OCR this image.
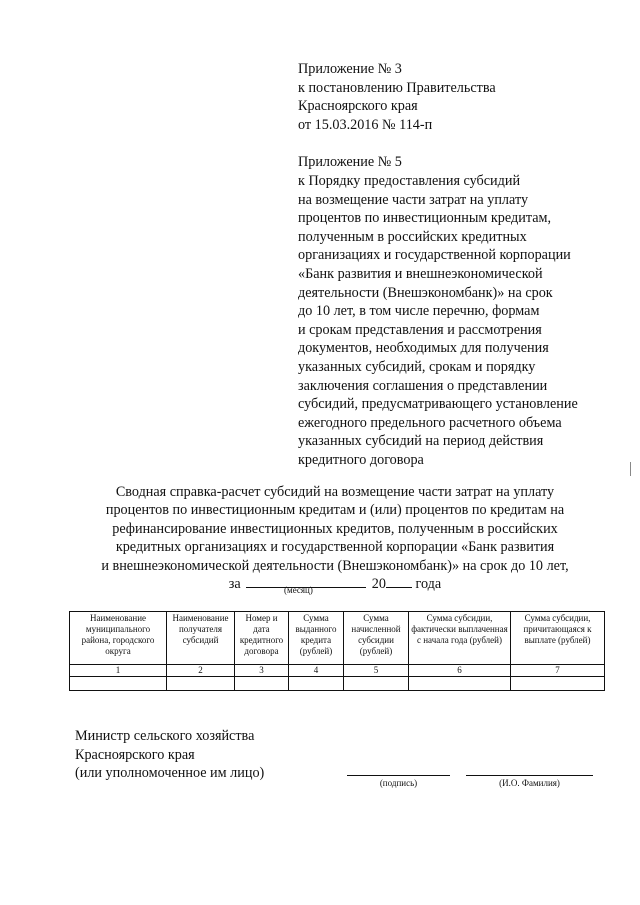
Приложение № 3
к постановлению Правительства
Красноярского края
от 15.03.2016 № 114-п
Приложение № 5
к Порядку предоставления субсидий
на возмещение части затрат на уплату
процентов по инвестиционным кредитам,
полученным в российских кредитных
организациях и государственной корпорации
«Банк развития и внешнеэкономической
деятельности (Внешэкономбанк)» на срок
до 10 лет, в том числе перечню, формам
и срокам представления и рассмотрения
документов, необходимых для получения
указанных субсидий, срокам и порядку
заключения соглашения о представлении
субсидий, предусматривающего установление
ежегодного предельного расчетного объема
указанных субсидий на период действия
кредитного договора
Сводная справка-расчет субсидий на возмещение части затрат на уплату
процентов по инвестиционным кредитам и (или) процентов по кредитам на
рефинансирование инвестиционных кредитов, полученным в российских
кредитных организациях и государственной корпорации «Банк развития
и внешнеэкономической деятельности (Внешэкономбанк)» на срок до 10 лет,
за	20 года
(месяц)
Наименование муниципального района, городского округа	Наименование получателя субсидий	Номер и дата кредитного договора	Сумма выданного кредита (рублей)	Сумма начисленной субсидии (рублей)	Сумма субсидии, фактически выплаченная с начала года (рублей)	Сумма субсидии, причитающаяся к выплате (рублей)
1	2	3	4	5	6	7

Министр сельского хозяйства
Красноярского края
(или уполномоченное им лицо)
(подпись)	(И.О. Фамилия)
